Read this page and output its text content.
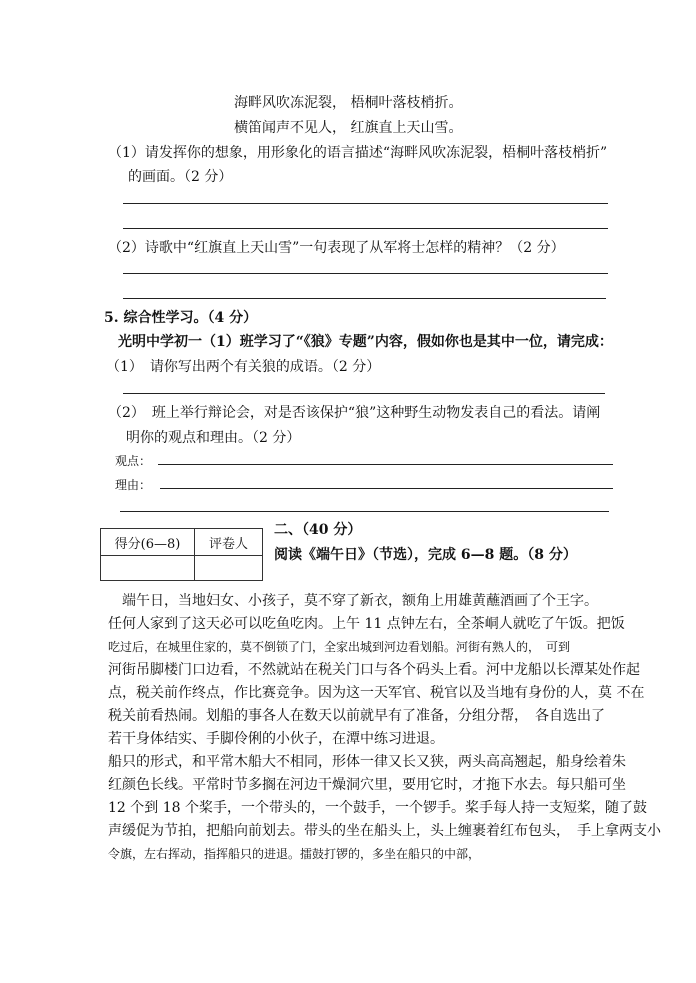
海畔风吹冻泥裂， 梧桐叶落枝梢折。
横笛闻声不见人， 红旗直上天山雪。
（1）请发挥你的想象，用形象化的语言描述“海畔风吹冻泥裂，梧桐叶落枝梢折”
的画面。（2 分）
（2）诗歌中“红旗直上天山雪”一句表现了从军将士怎样的精神？（2 分）
5. 综合性学习。（4 分）
光明中学初一（1）班学习了“《狼》专题”内容，假如你也是其中一位，请完成：
（1）　请你写出两个有关狼的成语。（2 分）
（2）　班上举行辩论会，对是否该保护“狼”这种野生动物发表自己的看法。请阐
明你的观点和理由。（2 分）
观点：
理由：
得分(6—8)	评卷人

二、（40 分）
阅读《端午日》（节选），完成 6—8 题。（8 分）

　端午日，当地妇女、小孩子，莫不穿了新衣，额角上用雄黄蘸酒画了个王字。

任何人家到了这天必可以吃鱼吃肉。上午 11 点钟左右，全茶峒人就吃了午饭。把饭

吃过后，在城里住家的，莫不倒锁了门，全家出城到河边看划船。河街有熟人的，　可到

河街吊脚楼门口边看，不然就站在税关门口与各个码头上看。河中龙船以长潭某处作起

点，税关前作终点，作比赛竞争。因为这一天军官、税官以及当地有身份的人，莫 不在

税关前看热闹。划船的事各人在数天以前就早有了准备，分组分帮，　各自选出了

若干身体结实、手脚伶俐的小伙子，在潭中练习进退。

船只的形式，和平常木船大不相同，形体一律又长又狭，两头高高翘起，船身绘着朱

红颜色长线。平常时节多搁在河边干燥洞穴里，要用它时，才拖下水去。每只船可坐

12 个到 18 个桨手，一个带头的，一个鼓手，一个锣手。桨手每人持一支短桨，随了鼓

声缓促为节拍，把船向前划去。带头的坐在船头上，头上缠裹着红布包头，　手上拿两支小

令旗，左右挥动，指挥船只的进退。擂鼓打锣的，多坐在船只的中部，
